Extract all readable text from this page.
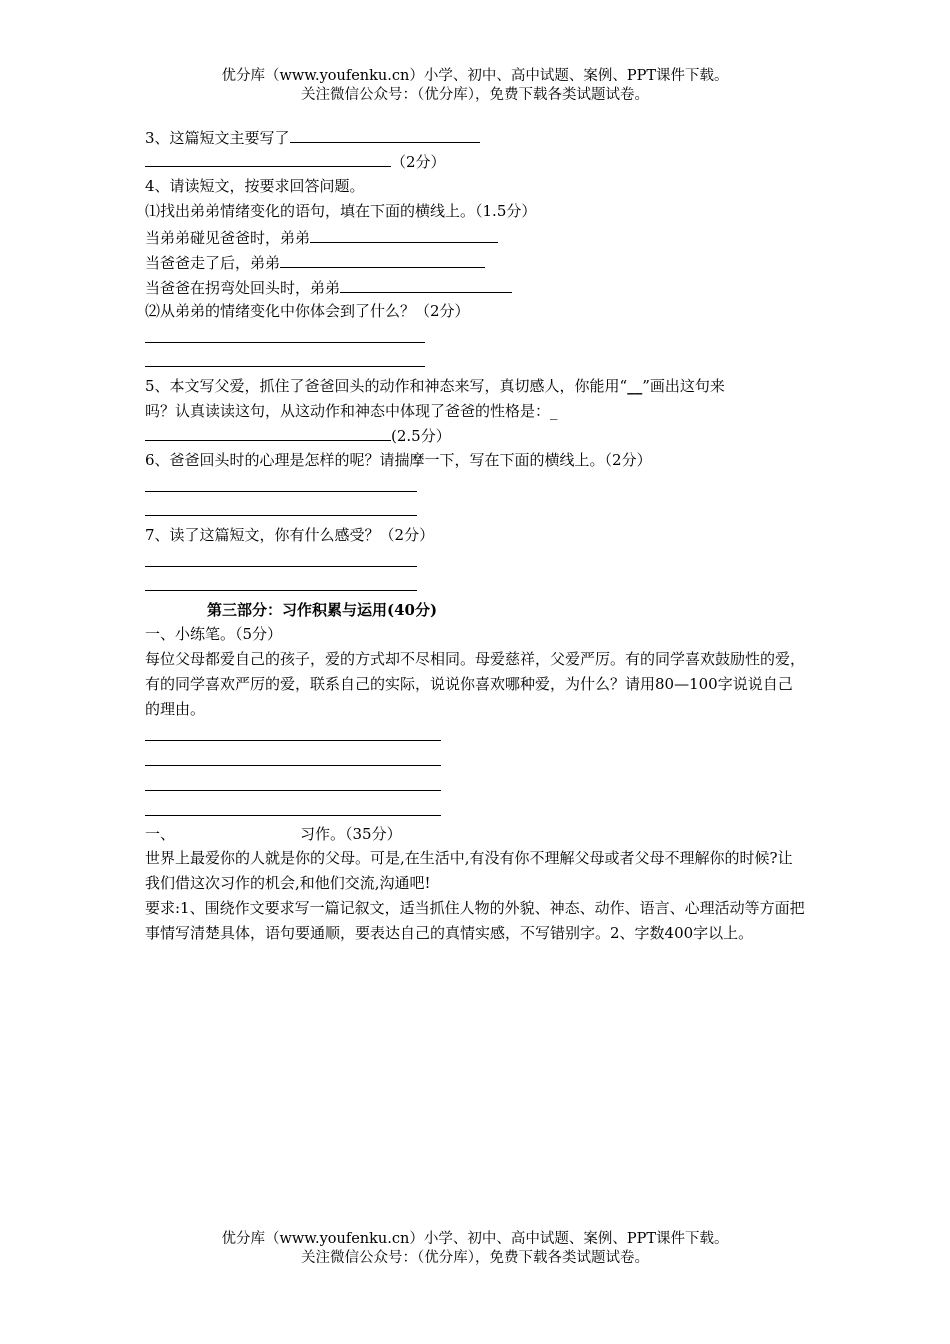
优分库（www.youfenku.cn）小学、初中、高中试题、案例、PPT课件下载。
关注微信公众号：（优分库），免费下载各类试题试卷。
3、这篇短文主要写了
（2分）
4、请读短文，按要求回答问题。
⑴找出弟弟情绪变化的语句，填在下面的横线上。（1.5分）
当弟弟碰见爸爸时，弟弟
当爸爸走了后，弟弟
当爸爸在拐弯处回头时，弟弟
⑵从弟弟的情绪变化中你体会到了什么？（2分）
5、本文写父爱，抓住了爸爸回头的动作和神态来写，真切感人，你能用“__”画出这句来
吗？认真读读这句，从这动作和神态中体现了爸爸的性格是：_
(2.5分）
6、爸爸回头时的心理是怎样的呢？请揣摩一下，写在下面的横线上。（2分）
7、读了这篇短文，你有什么感受？（2分）
第三部分：习作积累与运用(40分)
一、小练笔。（5分）
每位父母都爱自己的孩子，爱的方式却不尽相同。母爱慈祥，父爱严厉。有的同学喜欢鼓励性的爱，有的同学喜欢严厉的爱，联系自己的实际，说说你喜欢哪种爱，为什么？请用80—100字说说自己的理由。
一、	习作。（35分）
世界上最爱你的人就是你的父母。可是,在生活中,有没有你不理解父母或者父母不理解你的时候?让我们借这次习作的机会,和他们交流,沟通吧!
要求:1、围绕作文要求写一篇记叙文，适当抓住人物的外貌、神态、动作、语言、心理活动等方面把事情写清楚具体，语句要通顺，要表达自己的真情实感，不写错别字。2、字数400字以上。
优分库（www.youfenku.cn）小学、初中、高中试题、案例、PPT课件下载。
关注微信公众号：（优分库），免费下载各类试题试卷。
